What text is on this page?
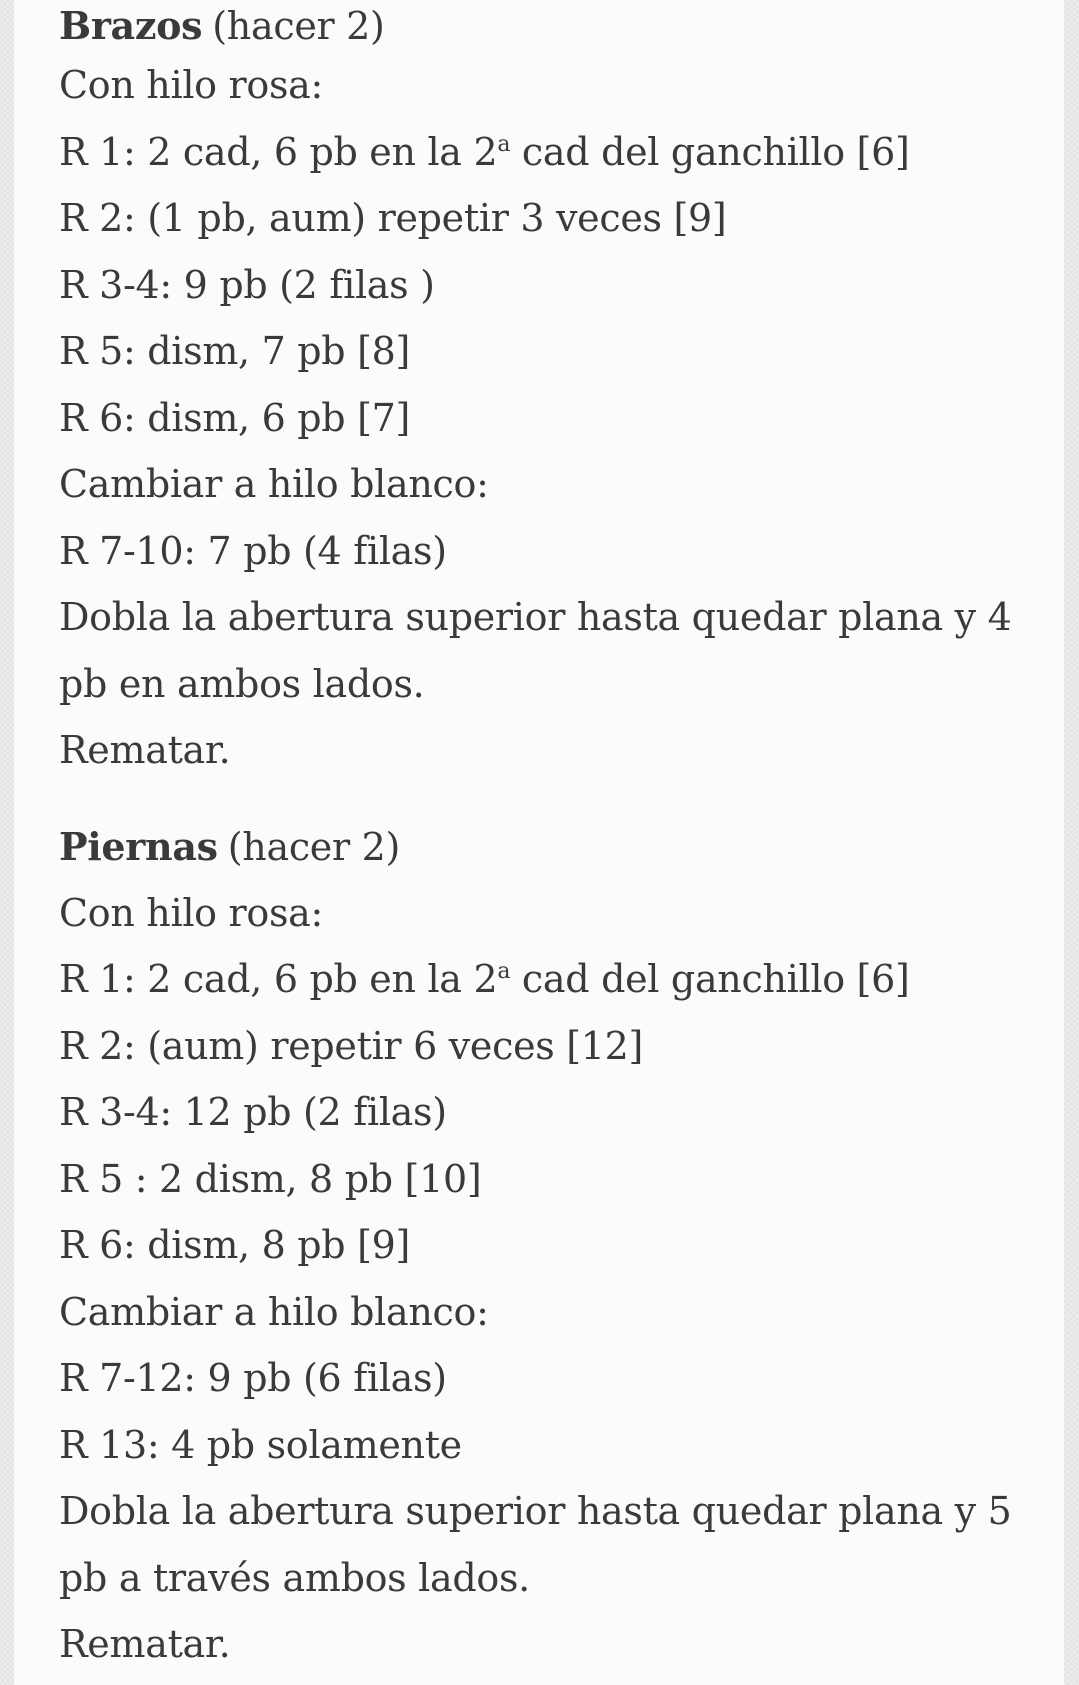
Brazos (hacer 2)
Con hilo rosa:
R 1: 2 cad, 6 pb en la 2$^a$ cad del ganchillo [6]
R 2: (1 pb, aum) repetir 3 veces [9]
R 3-4: 9 pb (2 filas )
R 5: dism, 7 pb [8]
R 6: dism, 6 pb [7]
Cambiar a hilo blanco:
R 7-10: 7 pb (4 filas)
Dobla la abertura superior hasta quedar plana y 4
pb en ambos lados.
Rematar.
Piernas (hacer 2)
Con hilo rosa:
R 1: 2 cad, 6 pb en la 2$^a$ cad del ganchillo [6]
R 2: (aum) repetir 6 veces [12]
R 3-4: 12 pb (2 filas)
R 5 : 2 dism, 8 pb [10]
R 6: dism, 8 pb [9]
Cambiar a hilo blanco:
R 7-12: 9 pb (6 filas)
R 13: 4 pb solamente
Dobla la abertura superior hasta quedar plana y 5
pb a través ambos lados.
Rematar.
